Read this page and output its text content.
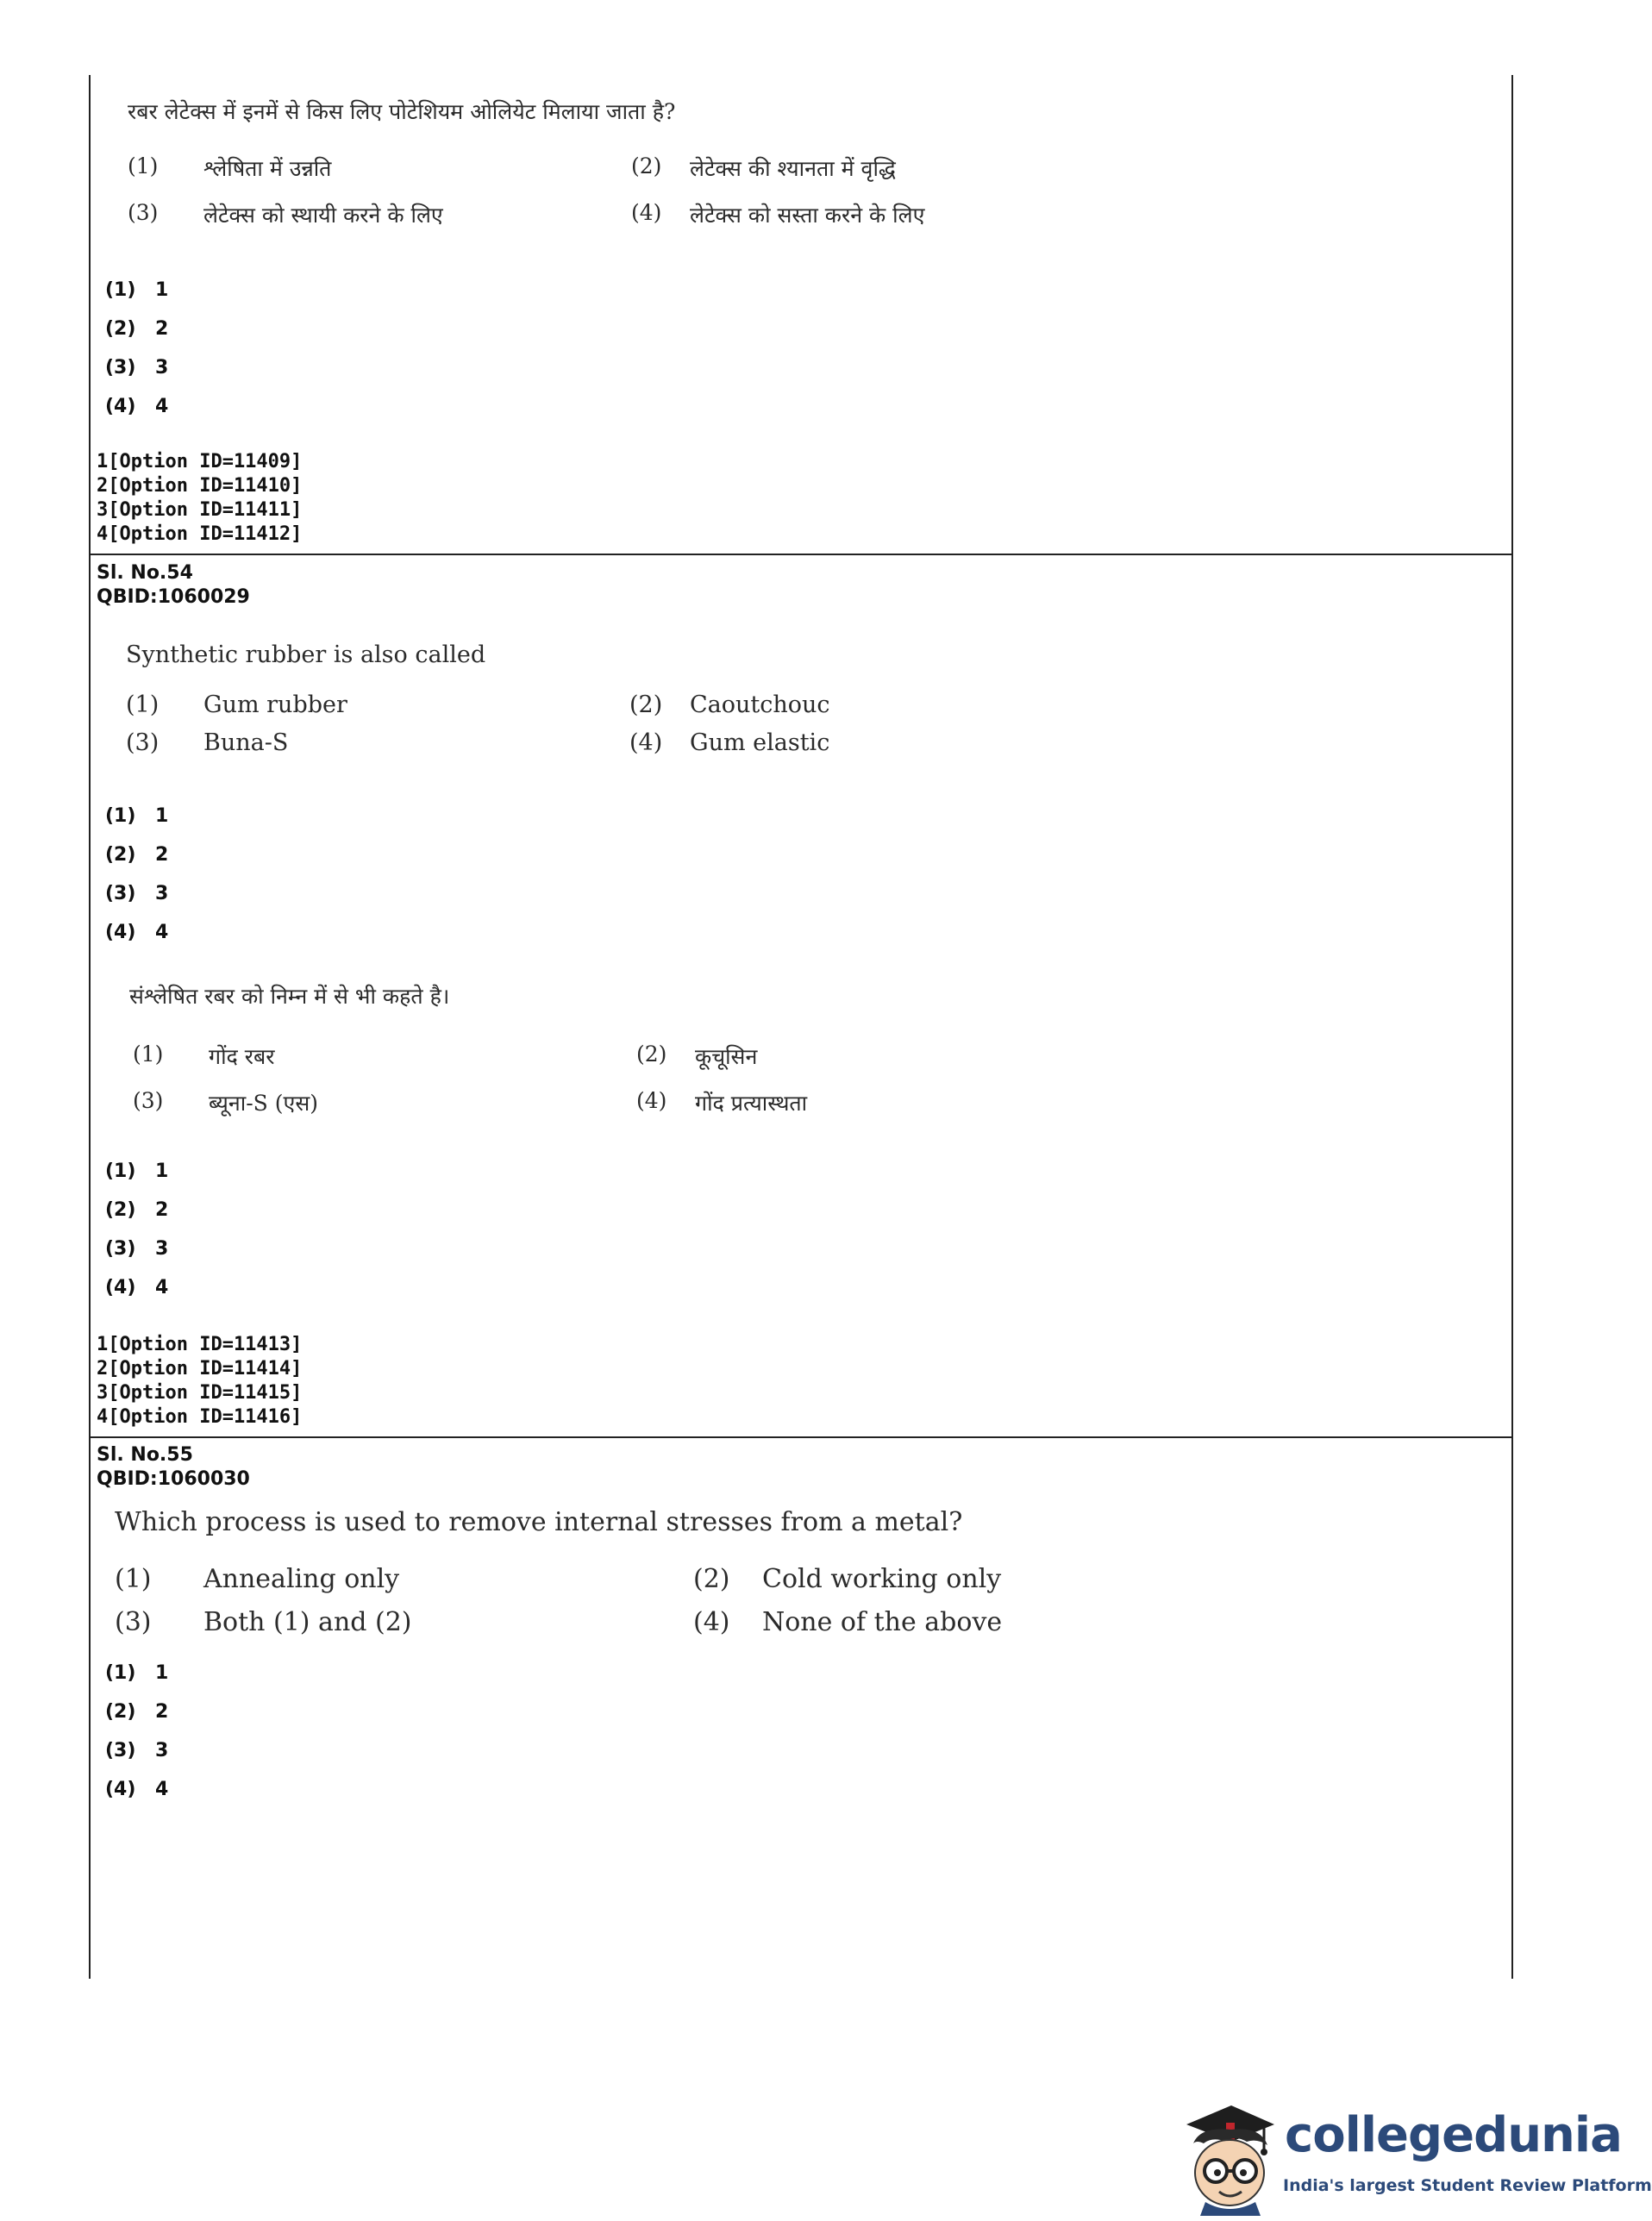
रबर लेटेक्स में इनमें से किस लिए पोटेशियम ओलियेट मिलाया जाता है?
(1)	श्लेषिता में उन्नति	(2)	लेटेक्स की श्यानता में वृद्धि
(3)	लेटेक्स को स्थायी करने के लिए	(4)	लेटेक्स को सस्ता करने के लिए
(1) 1
(2) 2
(3) 3
(4) 4
1[Option ID=11409]
2[Option ID=11410]
3[Option ID=11411]
4[Option ID=11412]
Sl. No.54
QBID:1060029
Synthetic rubber is also called
(1)	Gum rubber	(2)	Caoutchouc
(3)	Buna-S	(4)	Gum elastic
(1) 1
(2) 2
(3) 3
(4) 4
संश्लेषित रबर को निम्न में से भी कहते है।
(1)	गोंद रबर	(2)	कूचूसिन
(3)	ब्यूना-S (एस)	(4)	गोंद प्रत्यास्थता
(1) 1
(2) 2
(3) 3
(4) 4
1[Option ID=11413]
2[Option ID=11414]
3[Option ID=11415]
4[Option ID=11416]
Sl. No.55
QBID:1060030
Which process is used to remove internal stresses from a metal?
(1)	Annealing only	(2)	Cold working only
(3)	Both (1) and (2)	(4)	None of the above
(1) 1
(2) 2
(3) 3
(4) 4
collegedunia
India's largest Student Review Platform
